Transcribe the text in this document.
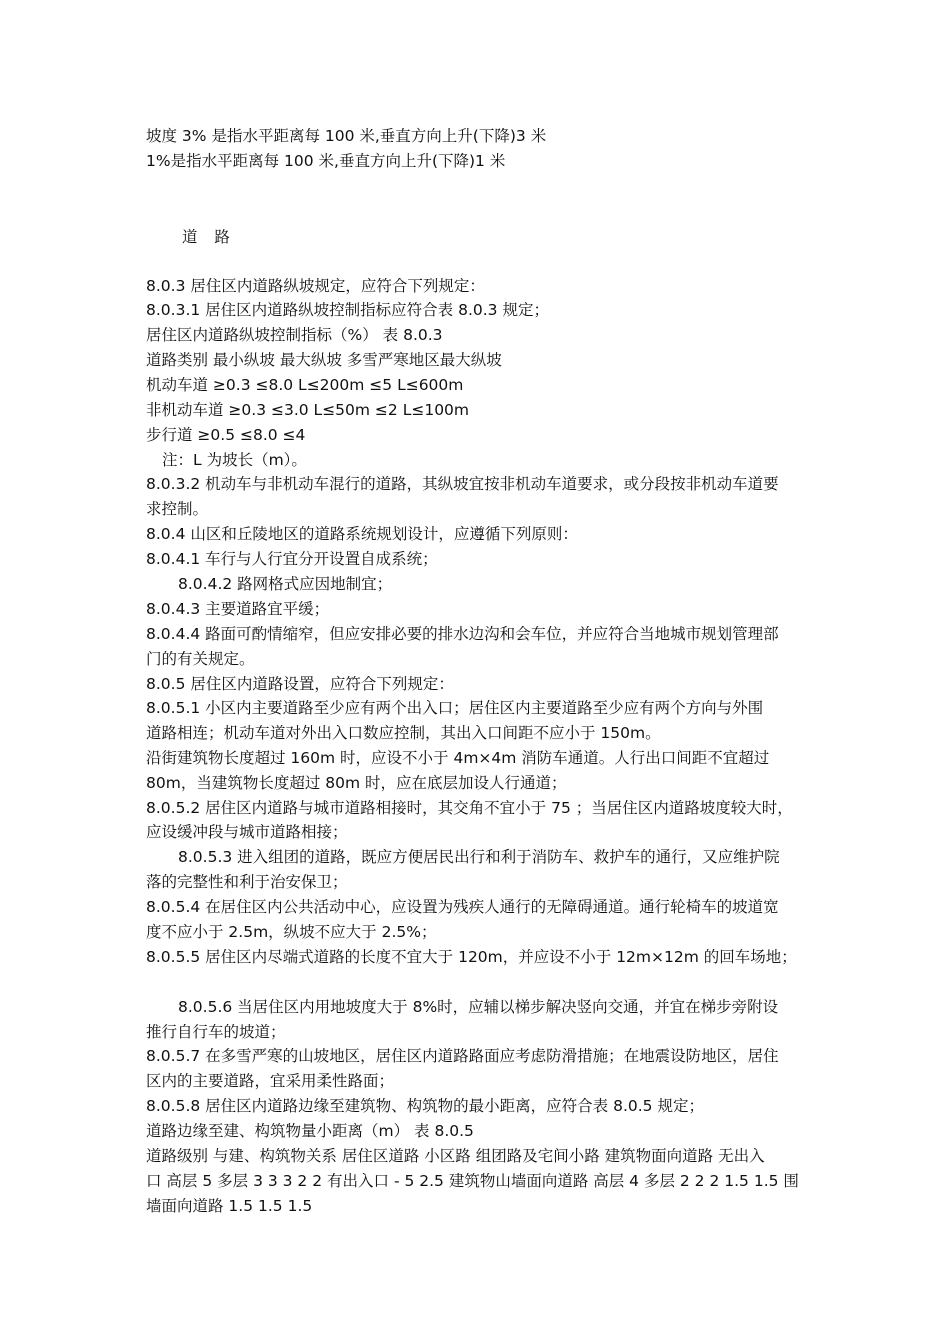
坡度 3% 是指水平距离每 100 米,垂直方向上升(下降)3 米
1%是指水平距离每 100 米,垂直方向上升(下降)1 米
道 路
8.0.3 居住区内道路纵坡规定，应符合下列规定：
8.0.3.1 居住区内道路纵坡控制指标应符合表 8.0.3 规定；
居住区内道路纵坡控制指标（%） 表 8.0.3
道路类别 最小纵坡 最大纵坡 多雪严寒地区最大纵坡
机动车道 ≥0.3 ≤8.0 L≤200m ≤5 L≤600m
非机动车道 ≥0.3 ≤3.0 L≤50m ≤2 L≤100m
步行道 ≥0.5 ≤8.0 ≤4
注：L 为坡长（m）。
8.0.3.2 机动车与非机动车混行的道路，其纵坡宜按非机动车道要求，或分段按非机动车道要
求控制。
8.0.4 山区和丘陵地区的道路系统规划设计，应遵循下列原则：
8.0.4.1 车行与人行宜分开设置自成系统；
8.0.4.2 路网格式应因地制宜；
8.0.4.3 主要道路宜平缓；
8.0.4.4 路面可酌情缩窄，但应安排必要的排水边沟和会车位，并应符合当地城市规划管理部
门的有关规定。
8.0.5 居住区内道路设置，应符合下列规定：
8.0.5.1 小区内主要道路至少应有两个出入口；居住区内主要道路至少应有两个方向与外围
道路相连；机动车道对外出入口数应控制，其出入口间距不应小于 150m。
沿街建筑物长度超过 160m 时，应设不小于 4m×4m 消防车通道。人行出口间距不宜超过
80m，当建筑物长度超过 80m 时，应在底层加设人行通道；
8.0.5.2 居住区内道路与城市道路相接时，其交角不宜小于 75 ；当居住区内道路坡度较大时，
应设缓冲段与城市道路相接；
8.0.5.3 进入组团的道路，既应方便居民出行和利于消防车、救护车的通行，又应维护院
落的完整性和利于治安保卫；
8.0.5.4 在居住区内公共活动中心，应设置为残疾人通行的无障碍通道。通行轮椅车的坡道宽
度不应小于 2.5m，纵坡不应大于 2.5%；
8.0.5.5 居住区内尽端式道路的长度不宜大于 120m，并应设不小于 12m×12m 的回车场地；
8.0.5.6 当居住区内用地坡度大于 8%时，应辅以梯步解决竖向交通，并宜在梯步旁附设
推行自行车的坡道；
8.0.5.7 在多雪严寒的山坡地区，居住区内道路路面应考虑防滑措施；在地震设防地区，居住
区内的主要道路，宜采用柔性路面；
8.0.5.8 居住区内道路边缘至建筑物、构筑物的最小距离，应符合表 8.0.5 规定；
道路边缘至建、构筑物量小距离（m） 表 8.0.5
道路级别 与建、构筑物关系 居住区道路 小区路 组团路及宅间小路 建筑物面向道路 无出入
口 高层 5 多层 3 3 3 2 2 有出入口 - 5 2.5 建筑物山墙面向道路 高层 4 多层 2 2 2 1.5 1.5 围
墙面向道路 1.5 1.5 1.5
